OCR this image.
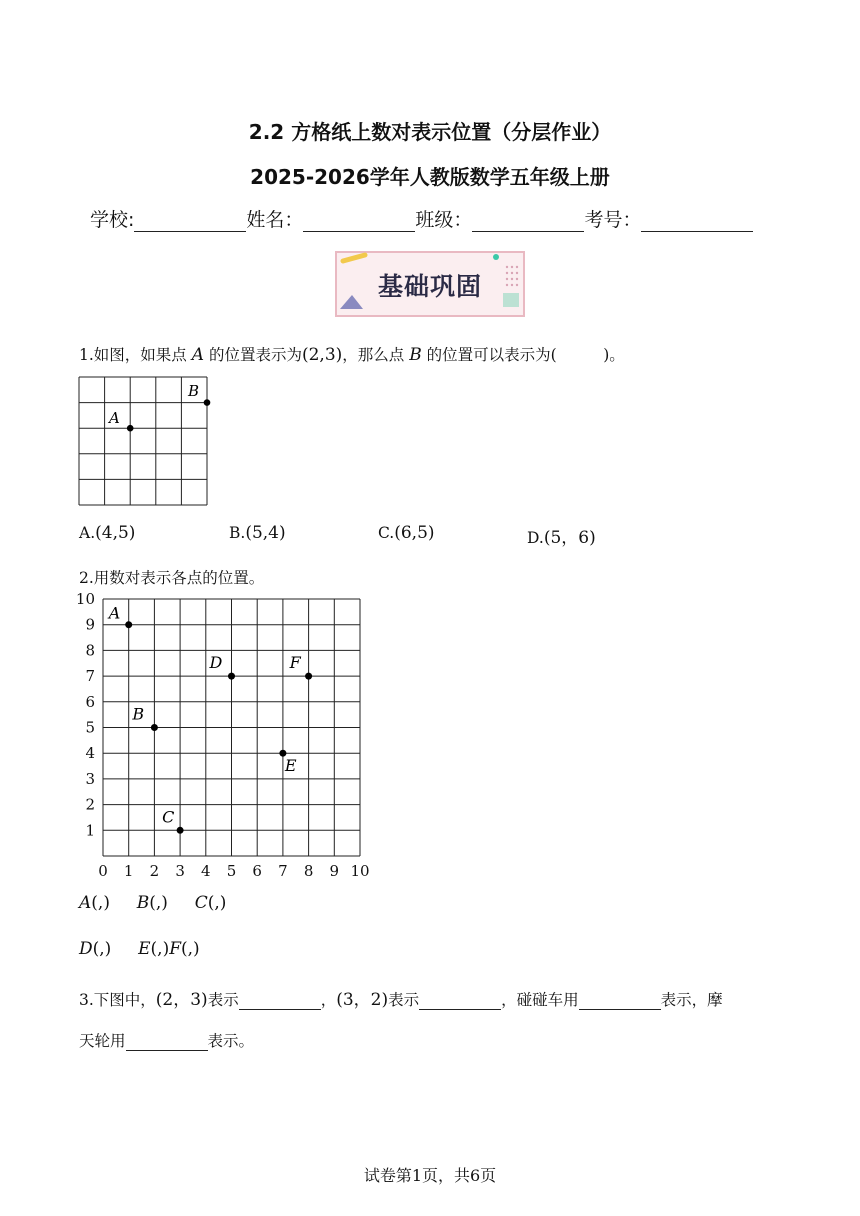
2.2 方格纸上数对表示位置（分层作业）
2025-2026学年人教版数学五年级上册
学校:	姓名：	班级：	考号：
基础巩固
1.如图，如果点 A 的位置表示为(2,3)，那么点 B 的位置可以表示为(　　　)。
A
B
A.(4,5)	B.(5,4)	C.(6,5)	D.(5，6)
2.用数对表示各点的位置。
0 1
1
2
2
3
3
4
4
5
5
6
6
7
7
8
8
9
9
10
10
A
B
C
D
E
F
A(,) B(,) C(,)
D(,) E(,)F(,)
3.下图中，(2，3)表示	，(3，2)表示	，碰碰车用	表示，摩
天轮用	表示。
试卷第1页，共6页
